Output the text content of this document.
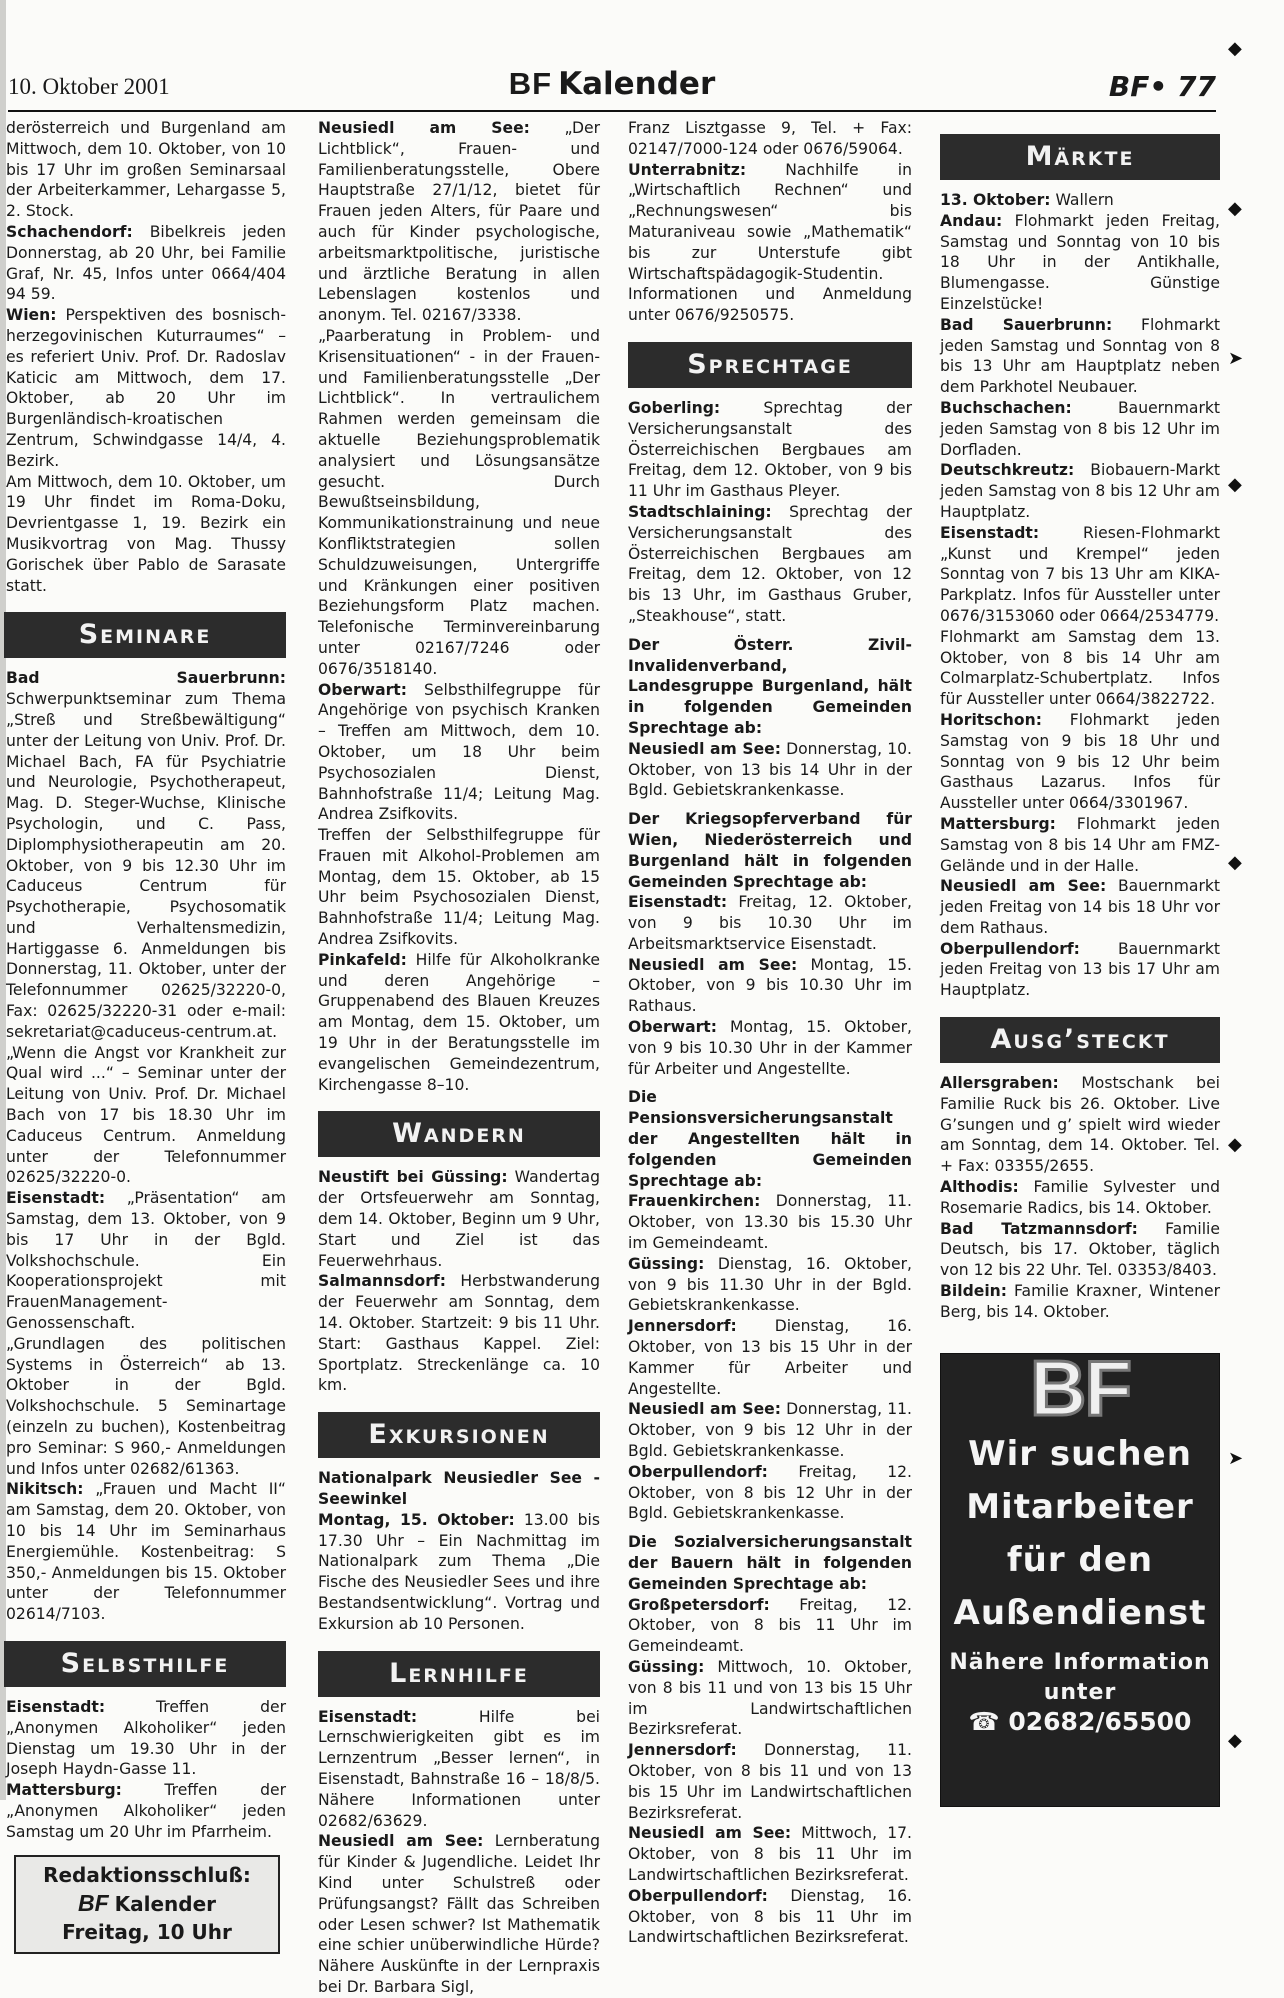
10. Oktober 2001	BF Kalender	BF• 77

derösterreich und Burgenland am Mittwoch, dem 10. Oktober, von 10 bis 17 Uhr im großen Seminarsaal der Arbeiterkammer, Lehargasse 5, 2. Stock.

Schachendorf: Bibelkreis jeden Donnerstag, ab 20 Uhr, bei Familie Graf, Nr. 45, Infos unter 0664/404 94 59.

Wien: Perspektiven des bosnisch-herzegovinischen Kuturraumes“ – es referiert Univ. Prof. Dr. Radoslav Katicic am Mittwoch, dem 17. Oktober, ab 20 Uhr im Burgenländisch-kroatischen Zentrum, Schwindgasse 14/4, 4. Bezirk.

Am Mittwoch, dem 10. Oktober, um 19 Uhr findet im Roma-Doku, Devrientgasse 1, 19. Bezirk ein Musikvortrag von Mag. Thussy Gorischek über Pablo de Sarasate statt.

Seminare

Bad Sauerbrunn: Schwerpunktseminar zum Thema „Streß und Streßbewältigung“ unter der Leitung von Univ. Prof. Dr. Michael Bach, FA für Psychiatrie und Neurologie, Psychotherapeut, Mag. D. Steger-Wuchse, Klinische Psychologin, und C. Pass, Diplomphysiotherapeutin am 20. Oktober, von 9 bis 12.30 Uhr im Caduceus Centrum für Psychotherapie, Psychosomatik und Verhaltensmedizin, Hartiggasse 6. Anmeldungen bis Donnerstag, 11. Oktober, unter der Telefonnummer 02625/32220-0, Fax: 02625/32220-31 oder e-mail: sekretariat@caduceus-centrum.at.

„Wenn die Angst vor Krankheit zur Qual wird ...“ – Seminar unter der Leitung von Univ. Prof. Dr. Michael Bach von 17 bis 18.30 Uhr im Caduceus Centrum. Anmeldung unter der Telefonnummer 02625/32220-0.

Eisenstadt: „Präsentation“ am Samstag, dem 13. Oktober, von 9 bis 17 Uhr in der Bgld. Volkshochschule. Ein Kooperationsprojekt mit FrauenManagement-Genossenschaft.

„Grundlagen des politischen Systems in Österreich“ ab 13. Oktober in der Bgld. Volkshochschule. 5 Seminartage (einzeln zu buchen), Kostenbeitrag pro Seminar: S 960,- Anmeldungen und Infos unter 02682/61363.

Nikitsch: „Frauen und Macht II“ am Samstag, dem 20. Oktober, von 10 bis 14 Uhr im Seminarhaus Energiemühle. Kostenbeitrag: S 350,- Anmeldungen bis 15. Oktober unter der Telefonnummer 02614/7103.

Selbsthilfe

Eisenstadt: Treffen der „Anonymen Alkoholiker“ jeden Dienstag um 19.30 Uhr in der Joseph Haydn-Gasse 11.

Mattersburg: Treffen der „Anonymen Alkoholiker“ jeden Samstag um 20 Uhr im Pfarrheim.

Redaktionsschluß:
BF Kalender
Freitag, 10 Uhr

Neusiedl am See: „Der Lichtblick“, Frauen- und Familienberatungsstelle, Obere Hauptstraße 27/1/12, bietet für Frauen jeden Alters, für Paare und auch für Kinder psychologische, arbeitsmarktpolitische, juristische und ärztliche Beratung in allen Lebenslagen kostenlos und anonym. Tel. 02167/3338.

„Paarberatung in Problem- und Krisensituationen“ - in der Frauen- und Familienberatungsstelle „Der Lichtblick“. In vertraulichem Rahmen werden gemeinsam die aktuelle Beziehungsproblematik analysiert und Lösungsansätze gesucht. Durch Bewußtseinsbildung, Kommunikationstrainung und neue Konfliktstrategien sollen Schuldzuweisungen, Untergriffe und Kränkungen einer positiven Beziehungsform Platz machen. Telefonische Terminvereinbarung unter 02167/7246 oder 0676/3518140.

Oberwart: Selbsthilfegruppe für Angehörige von psychisch Kranken – Treffen am Mittwoch, dem 10. Oktober, um 18 Uhr beim Psychosozialen Dienst, Bahnhofstraße 11/4; Leitung Mag. Andrea Zsifkovits.

Treffen der Selbsthilfegruppe für Frauen mit Alkohol-Problemen am Montag, dem 15. Oktober, ab 15 Uhr beim Psychosozialen Dienst, Bahnhofstraße 11/4; Leitung Mag. Andrea Zsifkovits.

Pinkafeld: Hilfe für Alkoholkranke und deren Angehörige – Gruppenabend des Blauen Kreuzes am Montag, dem 15. Oktober, um 19 Uhr in der Beratungsstelle im evangelischen Gemeindezentrum, Kirchengasse 8–10.

Wandern

Neustift bei Güssing: Wandertag der Ortsfeuerwehr am Sonntag, dem 14. Oktober, Beginn um 9 Uhr, Start und Ziel ist das Feuerwehrhaus.

Salmannsdorf: Herbstwanderung der Feuerwehr am Sonntag, dem 14. Oktober. Startzeit: 9 bis 11 Uhr. Start: Gasthaus Kappel. Ziel: Sportplatz. Streckenlänge ca. 10 km.

Exkursionen

Nationalpark Neusiedler See - Seewinkel

Montag, 15. Oktober: 13.00 bis 17.30 Uhr – Ein Nachmittag im Nationalpark zum Thema „Die Fische des Neusiedler Sees und ihre Bestandsentwicklung“. Vortrag und Exkursion ab 10 Personen.

Lernhilfe

Eisenstadt: Hilfe bei Lernschwierigkeiten gibt es im Lernzentrum „Besser lernen“, in Eisenstadt, Bahnstraße 16 – 18/8/5. Nähere Informationen unter 02682/63629.

Neusiedl am See: Lernberatung für Kinder & Jugendliche. Leidet Ihr Kind unter Schulstreß oder Prüfungsangst? Fällt das Schreiben oder Lesen schwer? Ist Mathematik eine schier unüberwindliche Hürde? Nähere Auskünfte in der Lernpraxis bei Dr. Barbara Sigl,

Franz Lisztgasse 9, Tel. + Fax: 02147/7000-124 oder 0676/59064.

Unterrabnitz: Nachhilfe in „Wirtschaftlich Rechnen“ und „Rechnungswesen“ bis Maturaniveau sowie „Mathematik“ bis zur Unterstufe gibt Wirtschaftspädagogik-Studentin. Informationen und Anmeldung unter 0676/9250575.

Sprechtage

Goberling: Sprechtag der Versicherungsanstalt des Österreichischen Bergbaues am Freitag, dem 12. Oktober, von 9 bis 11 Uhr im Gasthaus Pleyer.

Stadtschlaining: Sprechtag der Versicherungsanstalt des Österreichischen Bergbaues am Freitag, dem 12. Oktober, von 12 bis 13 Uhr, im Gasthaus Gruber, „Steakhouse“, statt.

Der Österr. Zivil-Invalidenverband, Landesgruppe Burgenland, hält in folgenden Gemeinden Sprechtage ab:

Neusiedl am See: Donnerstag, 10. Oktober, von 13 bis 14 Uhr in der Bgld. Gebietskrankenkasse.

Der Kriegsopferverband für Wien, Niederösterreich und Burgenland hält in folgenden Gemeinden Sprechtage ab:

Eisenstadt: Freitag, 12. Oktober, von 9 bis 10.30 Uhr im Arbeitsmarktservice Eisenstadt.

Neusiedl am See: Montag, 15. Oktober, von 9 bis 10.30 Uhr im Rathaus.

Oberwart: Montag, 15. Oktober, von 9 bis 10.30 Uhr in der Kammer für Arbeiter und Angestellte.

Die Pensionsversicherungsanstalt der Angestellten hält in folgenden Gemeinden Sprechtage ab:

Frauenkirchen: Donnerstag, 11. Oktober, von 13.30 bis 15.30 Uhr im Gemeindeamt.

Güssing: Dienstag, 16. Oktober, von 9 bis 11.30 Uhr in der Bgld. Gebietskrankenkasse.

Jennersdorf: Dienstag, 16. Oktober, von 13 bis 15 Uhr in der Kammer für Arbeiter und Angestellte.

Neusiedl am See: Donnerstag, 11. Oktober, von 9 bis 12 Uhr in der Bgld. Gebietskrankenkasse.

Oberpullendorf: Freitag, 12. Oktober, von 8 bis 12 Uhr in der Bgld. Gebietskrankenkasse.

Die Sozialversicherungsanstalt der Bauern hält in folgenden Gemeinden Sprechtage ab:

Großpetersdorf: Freitag, 12. Oktober, von 8 bis 11 Uhr im Gemeindeamt.

Güssing: Mittwoch, 10. Oktober, von 8 bis 11 und von 13 bis 15 Uhr im Landwirtschaftlichen Bezirksreferat.

Jennersdorf: Donnerstag, 11. Oktober, von 8 bis 11 und von 13 bis 15 Uhr im Landwirtschaftlichen Bezirksreferat.

Neusiedl am See: Mittwoch, 17. Oktober, von 8 bis 11 Uhr im Landwirtschaftlichen Bezirksreferat.

Oberpullendorf: Dienstag, 16. Oktober, von 8 bis 11 Uhr im Landwirtschaftlichen Bezirksreferat.

Märkte

13. Oktober: Wallern

Andau: Flohmarkt jeden Freitag, Samstag und Sonntag von 10 bis 18 Uhr in der Antikhalle, Blumengasse. Günstige Einzelstücke!

Bad Sauerbrunn: Flohmarkt jeden Samstag und Sonntag von 8 bis 13 Uhr am Hauptplatz neben dem Parkhotel Neubauer.

Buchschachen: Bauernmarkt jeden Samstag von 8 bis 12 Uhr im Dorfladen.

Deutschkreutz: Biobauern-Markt jeden Samstag von 8 bis 12 Uhr am Hauptplatz.

Eisenstadt: Riesen-Flohmarkt „Kunst und Krempel“ jeden Sonntag von 7 bis 13 Uhr am KIKA-Parkplatz. Infos für Aussteller unter 0676/3153060 oder 0664/2534779.

Flohmarkt am Samstag dem 13. Oktober, von 8 bis 14 Uhr am Colmarplatz-Schubertplatz. Infos für Aussteller unter 0664/3822722.

Horitschon: Flohmarkt jeden Samstag von 9 bis 18 Uhr und Sonntag von 9 bis 12 Uhr beim Gasthaus Lazarus. Infos für Aussteller unter 0664/3301967.

Mattersburg: Flohmarkt jeden Samstag von 8 bis 14 Uhr am FMZ-Gelände und in der Halle.

Neusiedl am See: Bauernmarkt jeden Freitag von 14 bis 18 Uhr vor dem Rathaus.

Oberpullendorf: Bauernmarkt jeden Freitag von 13 bis 17 Uhr am Hauptplatz.

Ausg’steckt

Allersgraben: Mostschank bei Familie Ruck bis 26. Oktober. Live G’sungen und g’ spielt wird wieder am Sonntag, dem 14. Oktober. Tel. + Fax: 03355/2655.

Althodis: Familie Sylvester und Rosemarie Radics, bis 14. Oktober.

Bad Tatzmannsdorf: Familie Deutsch, bis 17. Oktober, täglich von 12 bis 22 Uhr. Tel. 03353/8403.

Bildein: Familie Kraxner, Wintener Berg, bis 14. Oktober.

BF
Wir suchen
Mitarbeiter
für den
Außendienst
Nähere Information
unter
☎ 02682/65500
◆
◆
➤
◆
◆
◆
➤
◆
